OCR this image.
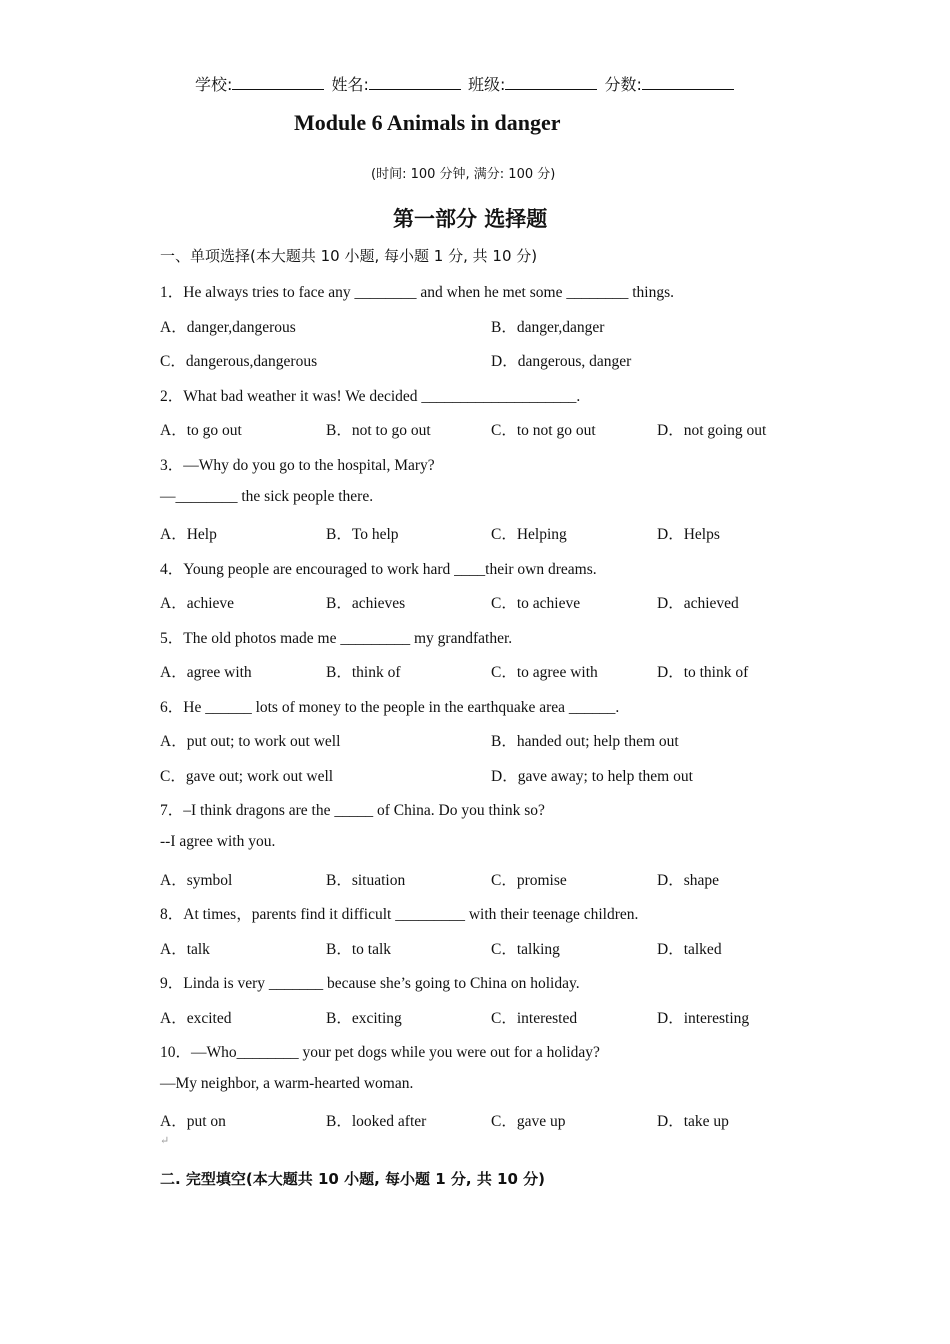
学校:	姓名:	班级:	分数:
Module 6 Animals in danger
(时间: 100 分钟, 满分: 100 分)
第一部分 选择题
一、单项选择(本大题共 10 小题, 每小题 1 分, 共 10 分)
1．He always tries to face any ________ and when he met some ________ things.
A．danger,dangerous	B．danger,danger
C．dangerous,dangerous	D．dangerous, danger
2．What bad weather it was! We decided ____________________.
A．to go out	B．not to go out	C．to not go out	D．not going out
3．—Why do you go to the hospital, Mary?
—________ the sick people there.
A．Help	B．To help	C．Helping	D．Helps
4．Young people are encouraged to work hard ____their own dreams.
A．achieve	B．achieves	C．to achieve	D．achieved
5．The old photos made me _________ my grandfather.
A．agree with	B．think of	C．to agree with	D．to think of
6．He ______ lots of money to the people in the earthquake area ______.
A．put out; to work out well	B．handed out; help them out
C．gave out; work out well	D．gave away; to help them out
7．–I think dragons are the _____ of China. Do you think so?
--I agree with you.
A．symbol	B．situation	C．promise	D．shape
8．At times，parents find it difficult _________ with their teenage children.
A．talk	B．to talk	C．talking	D．talked
9．Linda is very _______ because she’s going to China on holiday.
A．excited	B．exciting	C．interested	D．interesting
10．—Who________ your pet dogs while you were out for a holiday?
—My neighbor, a warm-hearted woman.
A．put on	B．looked after	C．gave up	D．take up
↵
二. 完型填空(本大题共 10 小题, 每小题 1 分, 共 10 分)
